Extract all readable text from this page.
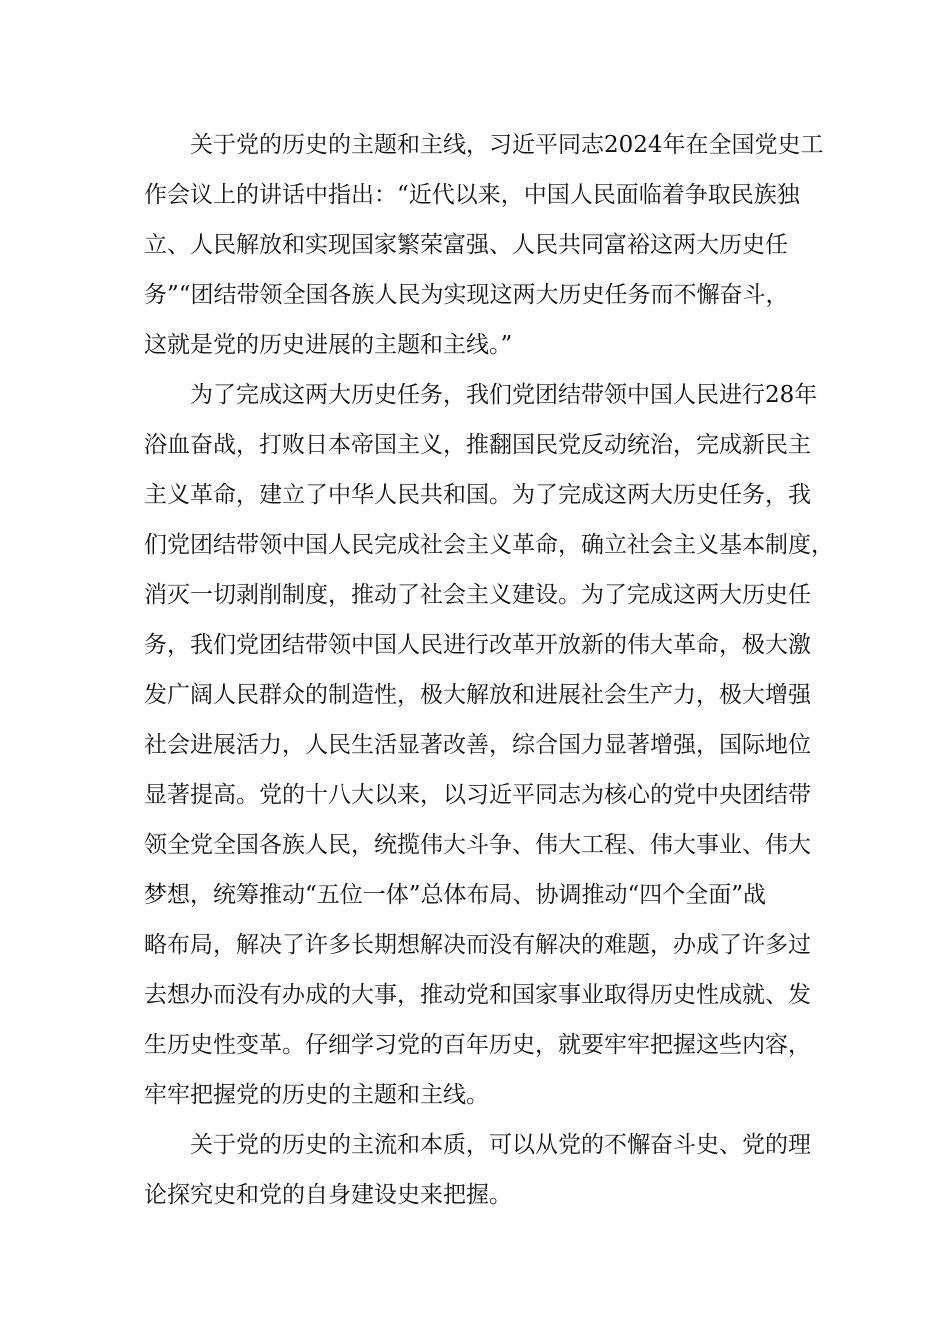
关于党的历史的主题和主线，习近平同志2024年在全国党史工
作会议上的讲话中指出：“近代以来，中国人民面临着争取民族独
立、人民解放和实现国家繁荣富强、人民共同富裕这两大历史任
务”“团结带领全国各族人民为实现这两大历史任务而不懈奋斗，
这就是党的历史进展的主题和主线。”

为了完成这两大历史任务，我们党团结带领中国人民进行28年
浴血奋战，打败日本帝国主义，推翻国民党反动统治，完成新民主
主义革命，建立了中华人民共和国。为了完成这两大历史任务，我
们党团结带领中国人民完成社会主义革命，确立社会主义基本制度，
消灭一切剥削制度，推动了社会主义建设。为了完成这两大历史任
务，我们党团结带领中国人民进行改革开放新的伟大革命，极大激
发广阔人民群众的制造性，极大解放和进展社会生产力，极大增强
社会进展活力，人民生活显著改善，综合国力显著增强，国际地位
显著提高。党的十八大以来，以习近平同志为核心的党中央团结带
领全党全国各族人民，统揽伟大斗争、伟大工程、伟大事业、伟大
梦想，统筹推动“五位一体”总体布局、协调推动“四个全面”战
略布局，解决了许多长期想解决而没有解决的难题，办成了许多过
去想办而没有办成的大事，推动党和国家事业取得历史性成就、发
生历史性变革。仔细学习党的百年历史，就要牢牢把握这些内容，
牢牢把握党的历史的主题和主线。

关于党的历史的主流和本质，可以从党的不懈奋斗史、党的理
论探究史和党的自身建设史来把握。
